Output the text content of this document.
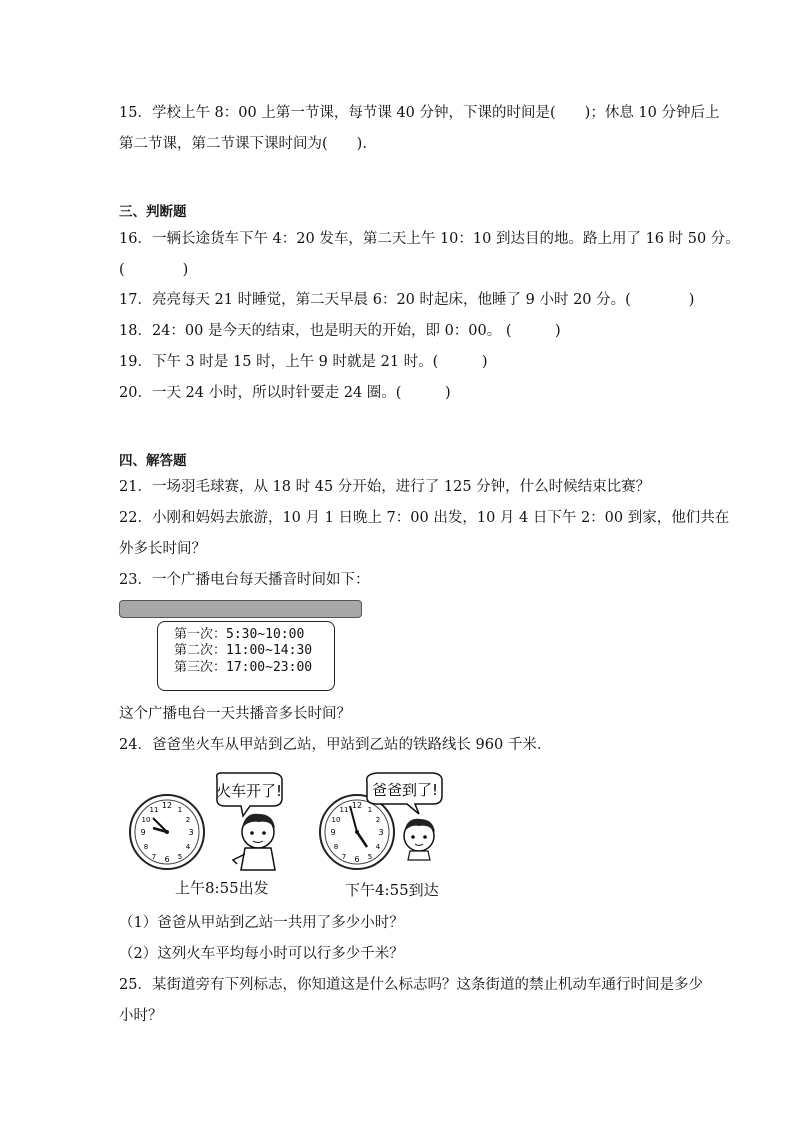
15．学校上午 8：00 上第一节课，每节课 40 分钟，下课的时间是(　　)；休息 10 分钟后上
第二节课，第二节课下课时间为(　　).
三、判断题
16．一辆长途货车下午 4：20 发车，第二天上午 10：10 到达目的地。路上用了 16 时 50 分。
(　　　　)
17．亮亮每天 21 时睡觉，第二天早晨 6：20 时起床，他睡了 9 小时 20 分。(　　　　)
18．24：00 是今天的结束，也是明天的开始，即 0：00。 (　　　)
19．下午 3 时是 15 时，上午 9 时就是 21 时。(　　　)
20．一天 24 小时，所以时针要走 24 圈。(　　　)
四、解答题
21．一场羽毛球赛，从 18 时 45 分开始，进行了 125 分钟，什么时候结束比赛？
22．小刚和妈妈去旅游，10 月 1 日晚上 7：00 出发，10 月 4 日下午 2：00 到家，他们共在
外多长时间？
23．一个广播电台每天播音时间如下：
第一次：5:30~10:00
第二次：11:00~14:30
第三次：17:00~23:00
这个广播电台一天共播音多长时间？
24．爸爸坐火车从甲站到乙站，甲站到乙站的铁路线长 960 千米．
12
3
6
9
1
2
4
5
7
8
10
11
火车开了!
上午8:55出发
12
3
6
9
1
2
4
5
7
8
10
11
爸爸到了!
下午4:55到达
（1）爸爸从甲站到乙站一共用了多少小时？
（2）这列火车平均每小时可以行多少千米？
25．某街道旁有下列标志，你知道这是什么标志吗？这条街道的禁止机动车通行时间是多少
小时？
